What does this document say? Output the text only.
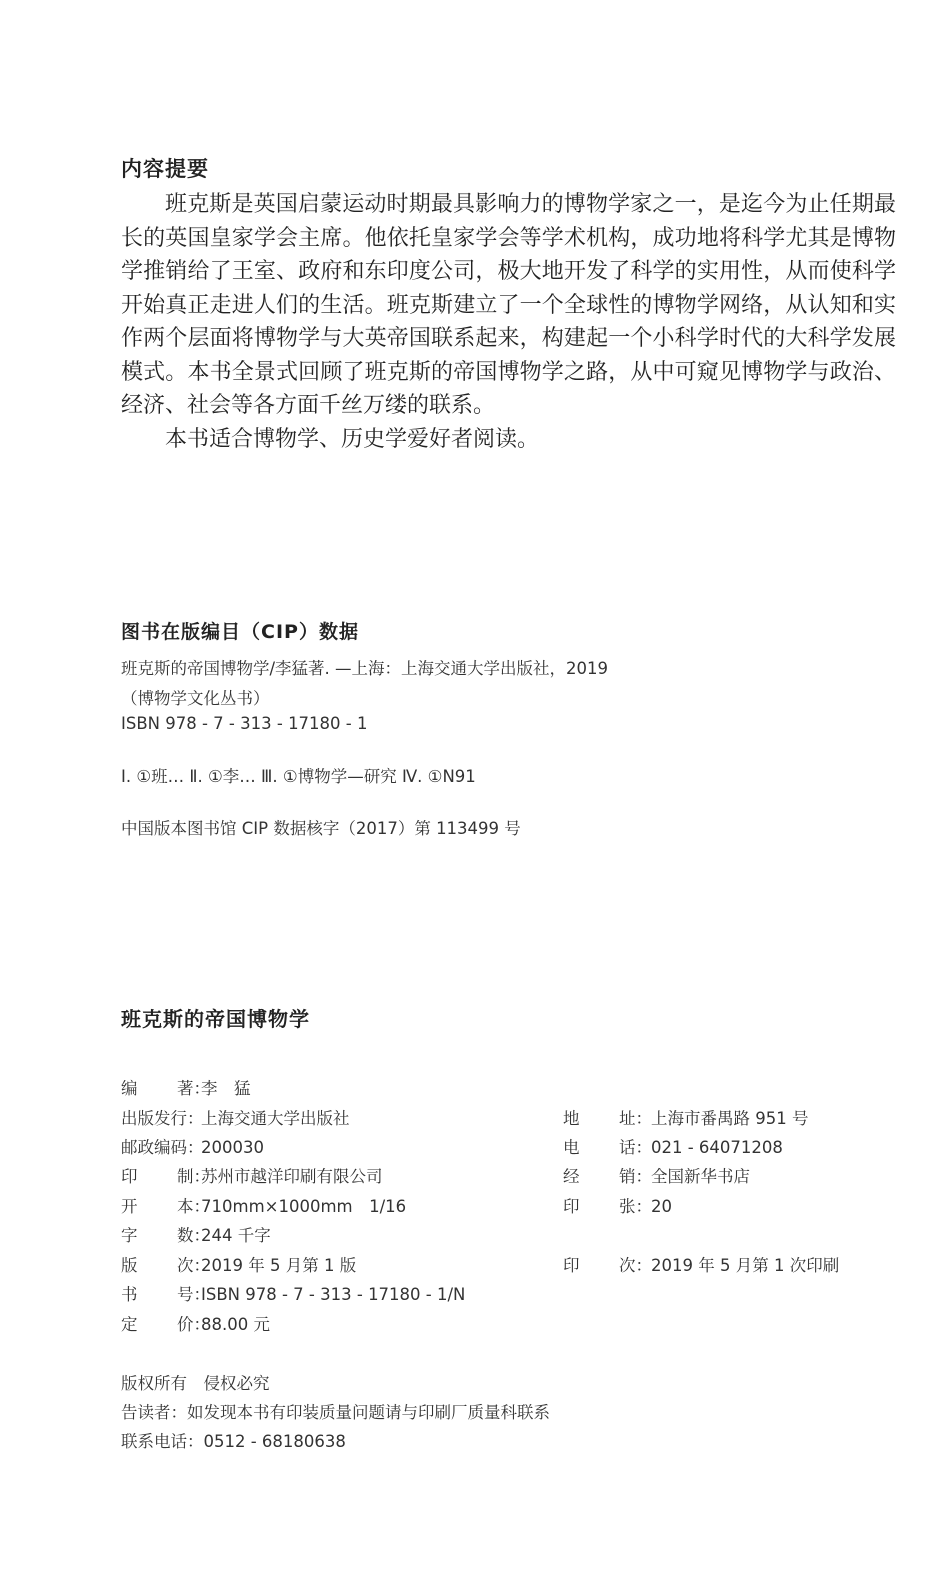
内容提要

班克斯是英国启蒙运动时期最具影响力的博物学家之一，是迄今为止任期最长的英国皇家学会主席。他依托皇家学会等学术机构，成功地将科学尤其是博物学推销给了王室、政府和东印度公司，极大地开发了科学的实用性，从而使科学开始真正走进人们的生活。班克斯建立了一个全球性的博物学网络，从认知和实作两个层面将博物学与大英帝国联系起来，构建起一个小科学时代的大科学发展模式。本书全景式回顾了班克斯的帝国博物学之路，从中可窥见博物学与政治、经济、社会等各方面千丝万缕的联系。

本书适合博物学、历史学爱好者阅读。

图书在版编目（CIP）数据
班克斯的帝国博物学/李猛著. —上海：上海交通大学出版社，2019
（博物学文化丛书）
ISBN 978 - 7 - 313 - 17180 - 1
Ⅰ. ①班… Ⅱ. ①李… Ⅲ. ①博物学—研究 Ⅳ. ①N91
中国版本图书馆 CIP 数据核字（2017）第 113499 号
班克斯的帝国博物学
编 著：李　猛
出版发行：上海交通大学出版社
邮政编码：200030
印 制：苏州市越洋印刷有限公司
开 本：710mm×1000mm　1/16
字 数：244 千字
版 次：2019 年 5 月第 1 版
书 号：ISBN 978 - 7 - 313 - 17180 - 1/N
定 价：88.00 元
地 址：上海市番禺路 951 号
电 话：021 - 64071208
经 销：全国新华书店
印 张：20
印 次：2019 年 5 月第 1 次印刷
版权所有　侵权必究
告读者：如发现本书有印装质量问题请与印刷厂质量科联系
联系电话：0512 - 68180638
